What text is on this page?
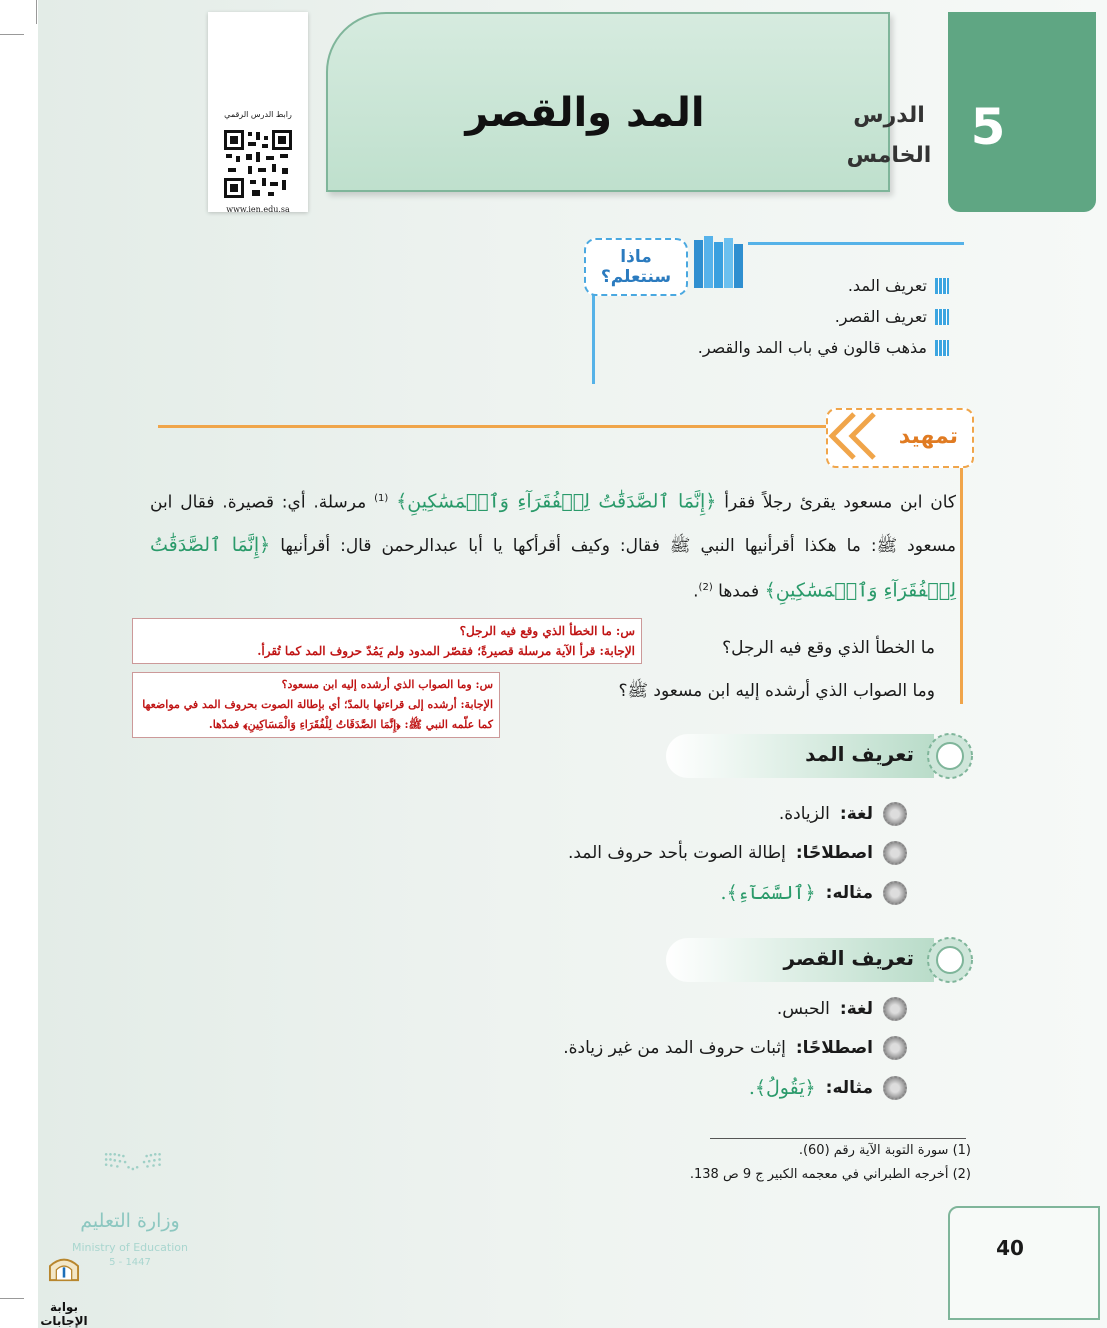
رابط الدرس الرقمي
www.ien.edu.sa
المد والقصر	الدرس
الخامس 5
ماذا
سنتعلم؟	تعريف المد.
تعريف القصر.
مذهب قالون في باب المد والقصر.
تمهيد
كان ابن مسعود يقرئ رجلاً فقرأ ﴿إِنَّمَا ٱلصَّدَقَٰتُ لِلۡفُقَرَآءِ وَٱلۡمَسَٰكِينِ﴾ $^{(1)}$ مرسلة. أي: قصيرة. فقال ابن مسعود ﷺ: ما هكذا أقرأنيها النبي ﷺ فقال: وكيف أقرأكها يا أبا عبدالرحمن قال: أقرأنيها ﴿إِنَّمَا ٱلصَّدَقَٰتُ لِلۡفُقَرَآءِ وَٱلۡمَسَٰكِينِ﴾ فمدها $^{(2)}$.
ما الخطأ الذي وقع فيه الرجل؟
وما الصواب الذي أرشده إليه ابن مسعود ﷺ؟
س: ما الخطأ الذي وقع فيه الرجل؟
الإجابة: قرأ الآية مرسلة قصيرةً؛ فقصّر المدود ولم يَمُدّ حروف المد كما تُقرأ.
س: وما الصواب الذي أرشده إليه ابن مسعود؟
الإجابة: أرشده إلى قراءتها بالمدّ؛ أي بإطالة الصوت بحروف المد في مواضعها
كما علّمه النبي ﷺ: ﴿إِنَّمَا الصَّدَقَاتُ لِلْفُقَرَاءِ وَالْمَسَاكِينِ﴾ فمدّها.
تعريف المد
لغة:
الزيادة.
اصطلاحًا:
إطالة الصوت بأحد حروف المد.
مثاله:
﴿ٱلسَّمَآءِ﴾.
تعريف القصر
لغة:
الحبس.
اصطلاحًا:
إثبات حروف المد من غير زيادة.
مثاله:
﴿يَقُولُ﴾.
(1) سورة التوبة الآية رقم (60).
(2) أخرجه الطبراني في معجمه الكبير ج 9 ص 138.
40
وزارة التعليم
Ministry of Education
5 - 1447
بوابة الإجابات
